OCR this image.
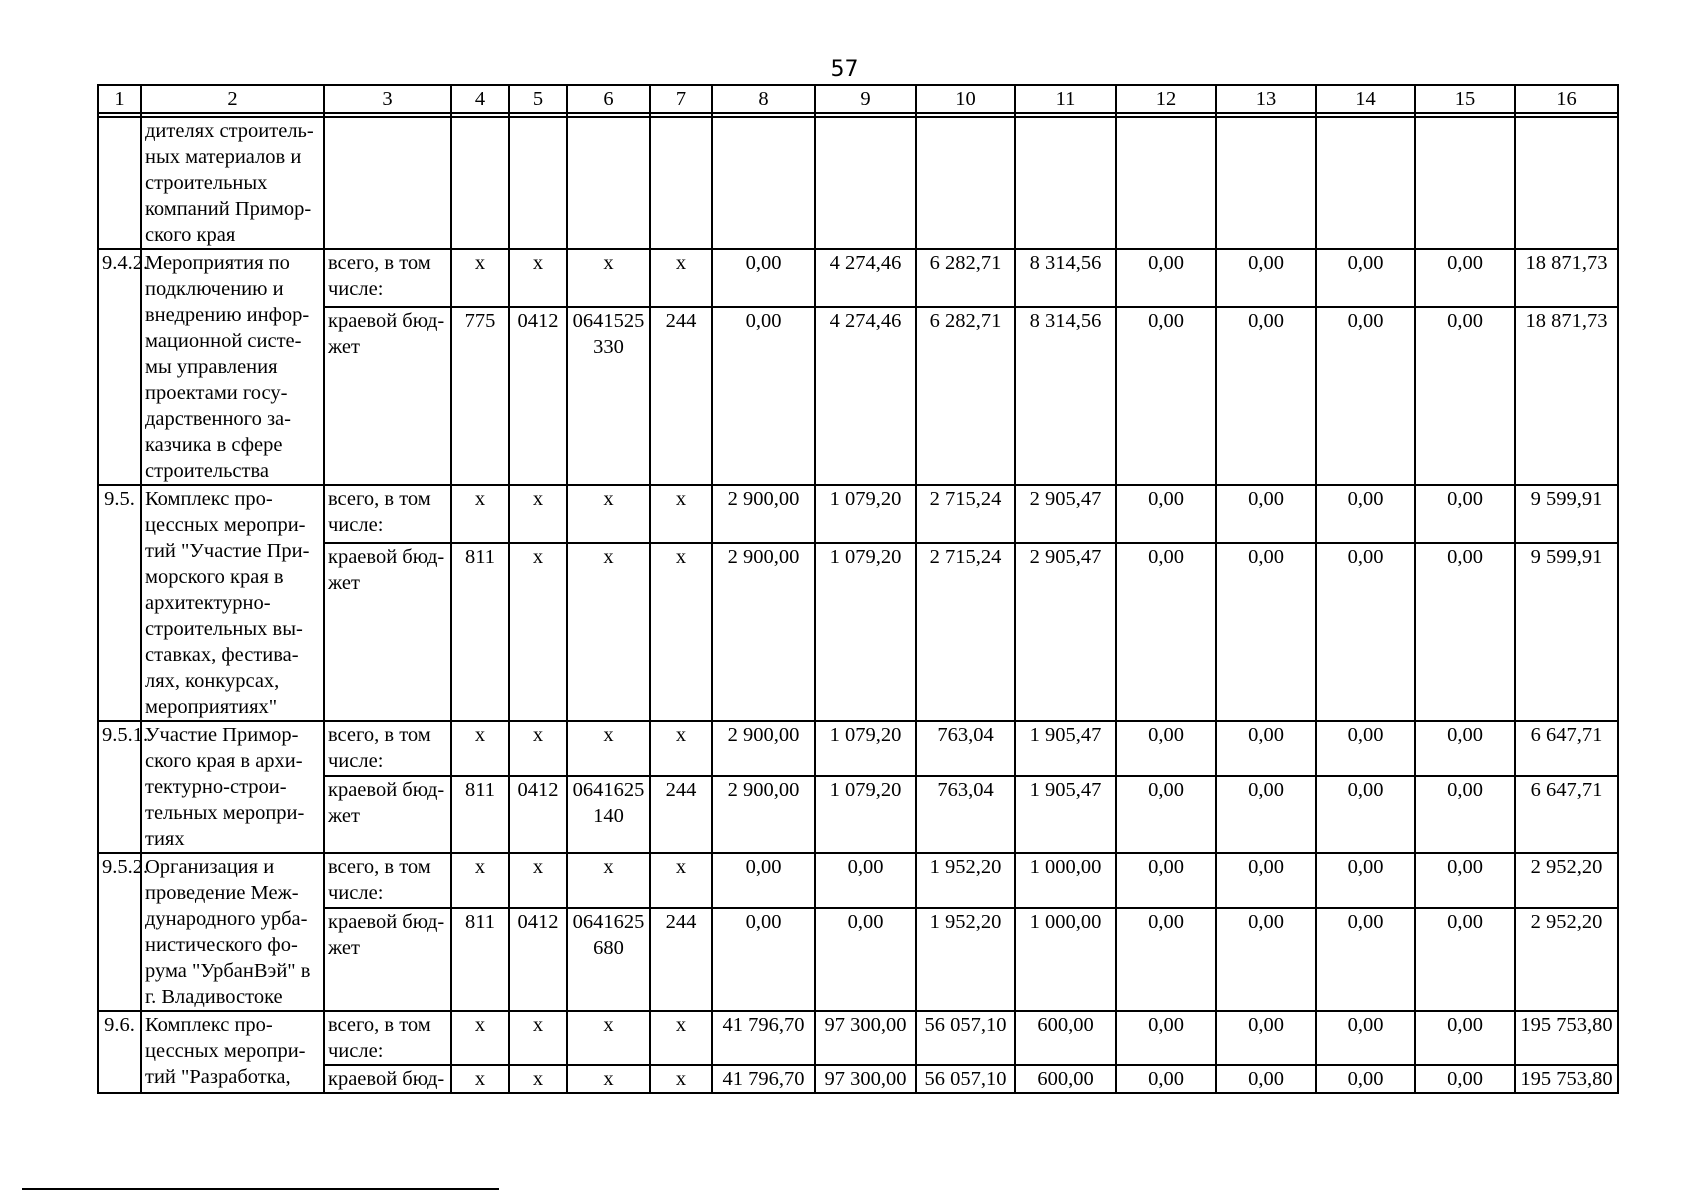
57
1	2	3	4	5	6	7	8	9	10	11	12	13	14	15	16

	дителях строитель-ных материалов и строительных компаний Примор-ского края														
9.4.2.	Мероприятия по подключению и внедрению инфор-мационной систе-мы управления проектами госу-дарственного за-казчика в сфере строительства	всего, в том числе:	х	х	х	х	0,00	4 274,46	6 282,71	8 314,56	0,00	0,00	0,00	0,00	18 871,73
		краевой бюд-жет	775	0412	0641525 330	244	0,00	4 274,46	6 282,71	8 314,56	0,00	0,00	0,00	0,00	18 871,73
9.5.	Комплекс про-цессных меропри-тий "Участие При-морского края в архитектурно-строительных вы-ставках, фестива-лях, конкурсах, мероприятиях"	всего, в том числе:	х	х	х	х	2 900,00	1 079,20	2 715,24	2 905,47	0,00	0,00	0,00	0,00	9 599,91
		краевой бюд-жет	811	х	х	х	2 900,00	1 079,20	2 715,24	2 905,47	0,00	0,00	0,00	0,00	9 599,91
9.5.1.	Участие Примор-ского края в архи-тектурно-строи-тельных меропри-тиях	всего, в том числе:	х	х	х	х	2 900,00	1 079,20	763,04	1 905,47	0,00	0,00	0,00	0,00	6 647,71
		краевой бюд-жет	811	0412	0641625 140	244	2 900,00	1 079,20	763,04	1 905,47	0,00	0,00	0,00	0,00	6 647,71
9.5.2.	Организация и проведение Меж-дународного урба-нистического фо-рума "УрбанВэй" в г. Владивостоке	всего, в том числе:	х	х	х	х	0,00	0,00	1 952,20	1 000,00	0,00	0,00	0,00	0,00	2 952,20
		краевой бюд-жет	811	0412	0641625 680	244	0,00	0,00	1 952,20	1 000,00	0,00	0,00	0,00	0,00	2 952,20
9.6.	Комплекс про-цессных меропри-тий "Разработка,	всего, в том числе:	х	х	х	х	41 796,70	97 300,00	56 057,10	600,00	0,00	0,00	0,00	0,00	195 753,80
		краевой бюд-	х	х	х	х	41 796,70	97 300,00	56 057,10	600,00	0,00	0,00	0,00	0,00	195 753,80
